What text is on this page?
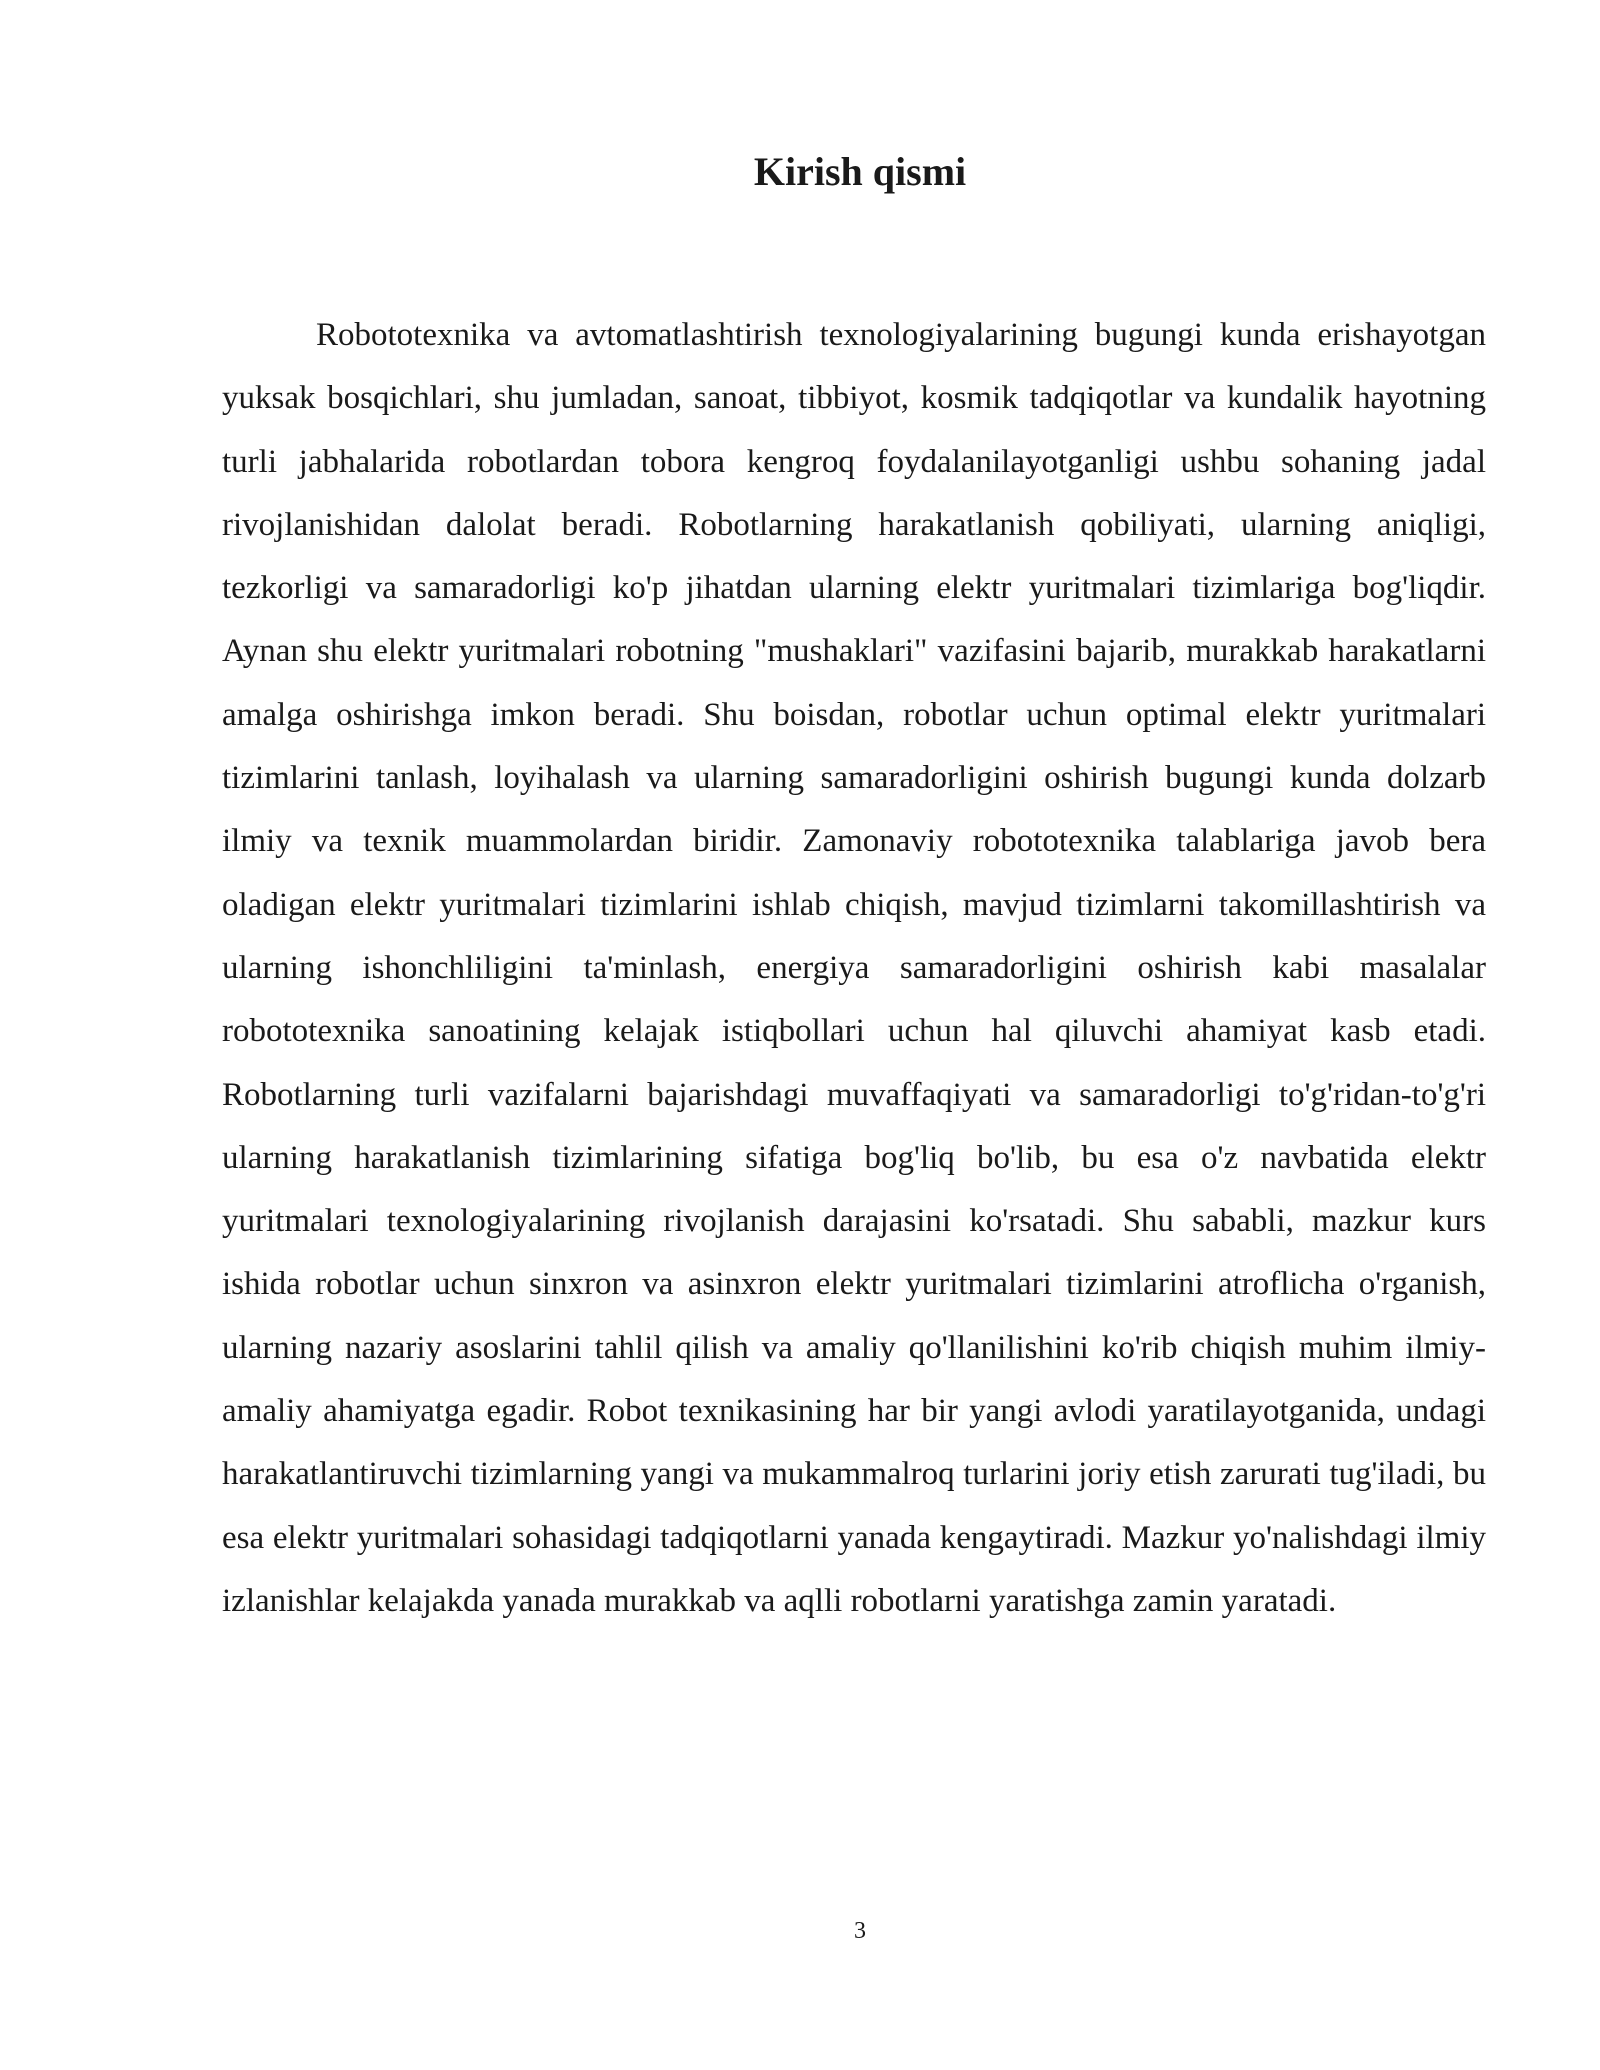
Kirish qismi

Robototexnika va avtomatlashtirish texnologiyalarining bugungi kunda erishayotgan yuksak bosqichlari, shu jumladan, sanoat, tibbiyot, kosmik tadqiqotlar va kundalik hayotning turli jabhalarida robotlardan tobora kengroq foydalanilayotganligi ushbu sohaning jadal rivojlanishidan dalolat beradi. Robotlarning harakatlanish qobiliyati, ularning aniqligi, tezkorligi va samaradorligi ko'p jihatdan ularning elektr yuritmalari tizimlariga bog'liqdir. Aynan shu elektr yuritmalari robotning "mushaklari" vazifasini bajarib, murakkab harakatlarni amalga oshirishga imkon beradi. Shu boisdan, robotlar uchun optimal elektr yuritmalari tizimlarini tanlash, loyihalash va ularning samaradorligini oshirish bugungi kunda dolzarb ilmiy va texnik muammolardan biridir. Zamonaviy robototexnika talablariga javob bera oladigan elektr yuritmalari tizimlarini ishlab chiqish, mavjud tizimlarni takomillashtirish va ularning ishonchliligini ta'minlash, energiya samaradorligini oshirish kabi masalalar robototexnika sanoatining kelajak istiqbollari uchun hal qiluvchi ahamiyat kasb etadi. Robotlarning turli vazifalarni bajarishdagi muvaffaqiyati va samaradorligi to'g'ridan-to'g'ri ularning harakatlanish tizimlarining sifatiga bog'liq bo'lib, bu esa o'z navbatida elektr yuritmalari texnologiyalarining rivojlanish darajasini ko'rsatadi. Shu sababli, mazkur kurs ishida robotlar uchun sinxron va asinxron elektr yuritmalari tizimlarini atroflicha o'rganish, ularning nazariy asoslarini tahlil qilish va amaliy qo'llanilishini ko'rib chiqish muhim ilmiy-amaliy ahamiyatga egadir. Robot texnikasining har bir yangi avlodi yaratilayotganida, undagi harakatlantiruvchi tizimlarning yangi va mukammalroq turlarini joriy etish zarurati tug'iladi, bu esa elektr yuritmalari sohasidagi tadqiqotlarni yanada kengaytiradi. Mazkur yo'nalishdagi ilmiy izlanishlar kelajakda yanada murakkab va aqlli robotlarni yaratishga zamin yaratadi.

3
